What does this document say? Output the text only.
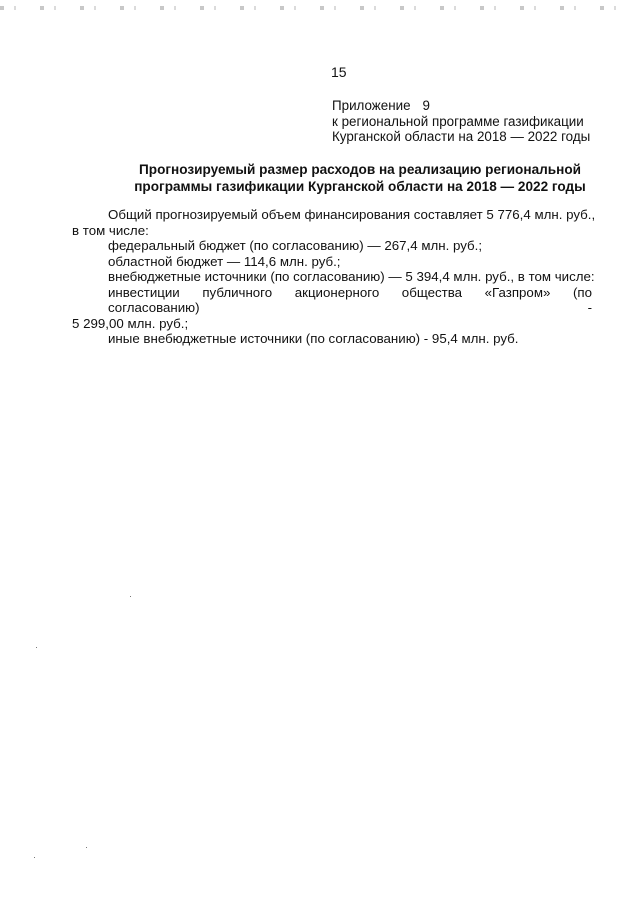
15
Приложение 9
к региональной программе газификации
Курганской области на 2018 — 2022 годы
Прогнозируемый размер расходов на реализацию региональной
программы газификации Курганской области на 2018 — 2022 годы
Общий прогнозируемый объем финансирования составляет 5 776,4 млн. руб.,
в том числе:
федеральный бюджет (по согласованию) — 267,4 млн. руб.;
областной бюджет — 114,6 млн. руб.;
внебюджетные источники (по согласованию) — 5 394,4 млн. руб., в том числе:
инвестиции публичного акционерного общества «Газпром» (по согласованию) -
5 299,00 млн. руб.;
иные внебюджетные источники (по согласованию) - 95,4 млн. руб.
